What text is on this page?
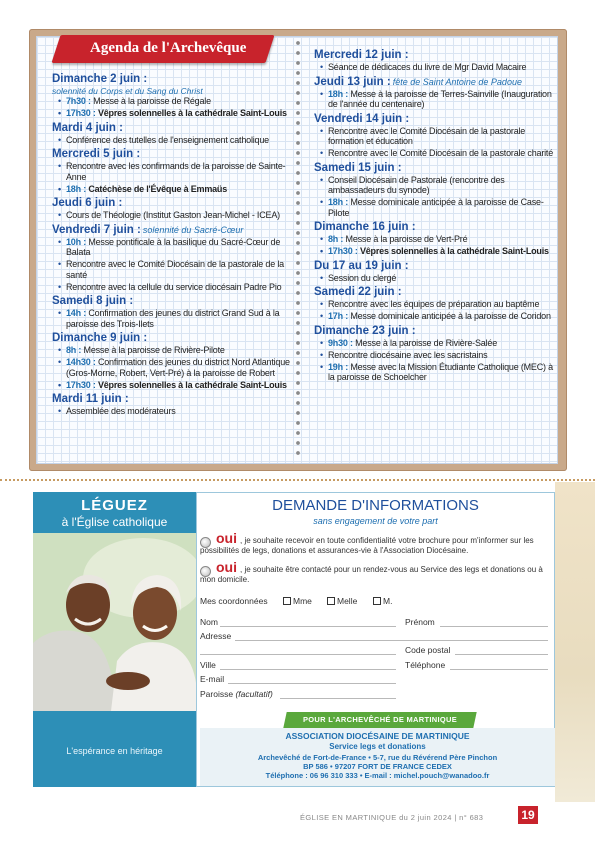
Agenda de l'Archevêque
Dimanche 2 juin :
solennité du Corps et du Sang du Christ
• 7h30 : Messe à la paroisse de Régale
• 17h30 : Vêpres solennelles à la cathédrale Saint-Louis
Mardi 4 juin :
• Conférence des tutelles de l'enseignement catholique
Mercredi 5 juin :
• Rencontre avec les confirmands de la paroisse de Sainte-Anne
• 18h : Catéchèse de l'Évêque à Emmaüs
Jeudi 6 juin :
• Cours de Théologie (Institut Gaston Jean-Michel - ICEA)
Vendredi 7 juin : solennité du Sacré-Cœur
• 10h : Messe pontificale à la basilique du Sacré-Cœur de Balata
• Rencontre avec le Comité Diocésain de la pastorale de la santé
• Rencontre avec la cellule du service diocésain Padre Pio
Samedi 8 juin :
• 14h : Confirmation des jeunes du district Grand Sud à la paroisse des Trois-Ilets
Dimanche 9 juin :
• 8h : Messe à la paroisse de Rivière-Pilote
• 14h30 : Confirmation des jeunes du district Nord Atlantique (Gros-Morne, Robert, Vert-Pré) à la paroisse de Robert
• 17h30 : Vêpres solennelles à la cathédrale Saint-Louis
Mardi 11 juin :
• Assemblée des modérateurs
Mercredi 12 juin :
• Séance de dédicaces du livre de Mgr David Macaire
Jeudi 13 juin : fête de Saint Antoine de Padoue
• 18h : Messe à la paroisse de Terres-Sainville (Inauguration de l'année du centenaire)
Vendredi 14 juin :
• Rencontre avec le Comité Diocésain de la pastorale formation et éducation
• Rencontre avec le Comité Diocésain de la pastorale charité
Samedi 15 juin :
• Conseil Diocésain de Pastorale (rencontre des ambassadeurs du synode)
• 18h : Messe dominicale anticipée à la paroisse de Case-Pilote
Dimanche 16 juin :
• 8h : Messe à la paroisse de Vert-Pré
• 17h30 : Vêpres solennelles à la cathédrale Saint-Louis
Du 17 au 19 juin :
• Session du clergé
Samedi 22 juin :
• Rencontre avec les équipes de préparation au baptême
• 17h : Messe dominicale anticipée à la paroisse de Coridon
Dimanche 23 juin :
• 9h30 : Messe à la paroisse de Rivière-Salée
• Rencontre diocésaine avec les sacristains
• 19h : Messe avec la Mission Étudiante Catholique (MEC) à la paroisse de Schoelcher
LÉGUEZ
à l'Église catholique
L'espérance en héritage
DEMANDE D'INFORMATIONS
sans engagement de votre part
oui , je souhaite recevoir en toute confidentialité votre brochure pour m'informer sur les possibilités de legs, donations et assurances-vie à l'Association Diocésaine.
oui , je souhaite être contacté pour un rendez-vous au Service des legs et donations ou à mon domicile.
Mes coordonnées	Mme	Melle	M.
Nom	Prénom
Adresse
Code postal
Ville	Téléphone
E-mail
Paroisse (facultatif)
POUR L'ARCHEVÊCHÉ DE MARTINIQUE
ASSOCIATION DIOCÉSAINE DE MARTINIQUE
Service legs et donations
Archevêché de Fort-de-France • 5-7, rue du Révérend Père Pinchon
BP 586 • 97207 FORT DE FRANCE CEDEX
Téléphone : 06 96 310 333 • E-mail : michel.pouch@wanadoo.fr
ÉGLISE EN MARTINIQUE du 2 juin 2024 | n° 683	19
